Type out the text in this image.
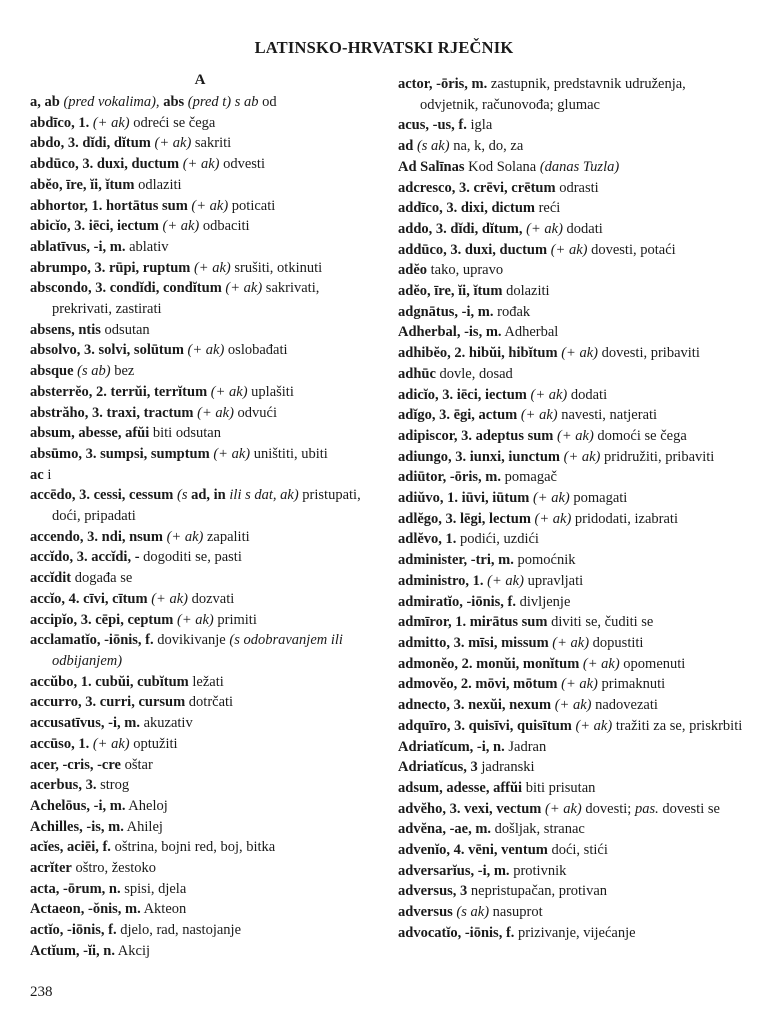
LATINSKO-HRVATSKI RJEČNIK
A
a, ab (pred vokalima), abs (pred t) s ab od
abdīco, 1. (+ ak) odreći se čega
abdo, 3. dĭdi, dĭtum (+ ak) sakriti
abdūco, 3. duxi, ductum (+ ak) odvesti
abĕo, īre, ĭi, ĭtum odlaziti
abhortor, 1. hortātus sum (+ ak) poticati
abicĭo, 3. iēci, iectum (+ ak) odbaciti
ablatīvus, -i, m. ablativ
abrumpo, 3. rūpi, ruptum (+ ak) srušiti, otkinuti
abscondo, 3. condĭdi, condĭtum (+ ak) sakrivati, prekrivati, zastirati
absens, ntis odsutan
absolvo, 3. solvi, solūtum (+ ak) oslobađati
absque (s ab) bez
absterrĕo, 2. terrŭi, terrĭtum (+ ak) uplašiti
abstrăho, 3. traxi, tractum (+ ak) odvući
absum, abesse, afŭi biti odsutan
absūmo, 3. sumpsi, sumptum (+ ak) uništiti, ubiti
ac i
accēdo, 3. cessi, cessum (s ad, in ili s dat, ak) pristupati, doći, pripadati
accendo, 3. ndi, nsum (+ ak) zapaliti
accĭdo, 3. accĭdi, - dogoditi se, pasti
accĭdit događa se
accĭo, 4. cīvi, cītum (+ ak) dozvati
accipĭo, 3. cēpi, ceptum (+ ak) primiti
acclamatĭo, -iōnis, f. dovikivanje (s odobravanjem ili odbijanjem)
accŭbo, 1. cubŭi, cubĭtum ležati
accurro, 3. curri, cursum dotrčati
accusatīvus, -i, m. akuzativ
accūso, 1. (+ ak) optužiti
acer, -cris, -cre oštar
acerbus, 3. strog
Achelōus, -i, m. Aheloj
Achilles, -is, m. Ahilej
acĭes, aciēi, f. oštrina, bojni red, boj, bitka
acrĭter oštro, žestoko
acta, -ōrum, n. spisi, djela
Actaeon, -ŏnis, m. Akteon
actĭo, -iōnis, f. djelo, rad, nastojanje
Actĭum, -ĭi, n. Akcij
actor, -ōris, m. zastupnik, predstavnik udruženja, odvjetnik, računovođa; glumac
acus, -us, f. igla
ad (s ak) na, k, do, za
Ad Salīnas Kod Solana (danas Tuzla)
adcresco, 3. crēvi, crētum odrasti
addīco, 3. dixi, dictum reći
addo, 3. dĭdi, dĭtum, (+ ak) dodati
addūco, 3. duxi, ductum (+ ak) dovesti, potaći
adĕo tako, upravo
adĕo, īre, ĭi, ĭtum dolaziti
adgnātus, -i, m. rođak
Adherbal, -is, m. Adherbal
adhibĕo, 2. hibŭi, hibĭtum (+ ak) dovesti, pribaviti
adhūc dovle, dosad
adicĭo, 3. iēci, iectum (+ ak) dodati
adĭgo, 3. ēgi, actum (+ ak) navesti, natjerati
adipiscor, 3. adeptus sum (+ ak) domoći se čega
adiungo, 3. iunxi, iunctum (+ ak) pridružiti, pribaviti
adiūtor, -ōris, m. pomagač
adiŭvo, 1. iūvi, iūtum (+ ak) pomagati
adlĕgo, 3. lēgi, lectum (+ ak) pridodati, izabrati
adlĕvo, 1. podići, uzdići
administer, -tri, m. pomoćnik
administro, 1. (+ ak) upravljati
admiratĭo, -iōnis, f. divljenje
admīror, 1. mirātus sum diviti se, čuditi se
admitto, 3. mīsi, missum (+ ak) dopustiti
admonĕo, 2. monŭi, monĭtum (+ ak) opomenuti
admovĕo, 2. mōvi, mōtum (+ ak) primaknuti
adnecto, 3. nexŭi, nexum (+ ak) nadovezati
adquīro, 3. quisīvi, quisītum (+ ak) tražiti za se, priskrbiti
Adriatĭcum, -i, n. Jadran
Adriatĭcus, 3 jadranski
adsum, adesse, affŭi biti prisutan
advĕho, 3. vexi, vectum (+ ak) dovesti; pas. dovesti se
advĕna, -ae, m. došljak, stranac
advenĭo, 4. vēni, ventum doći, stići
adversarĭus, -i, m. protivnik
adversus, 3 nepristupačan, protivan
adversus (s ak) nasuprot
advocatĭo, -iōnis, f. prizivanje, vijećanje
238
